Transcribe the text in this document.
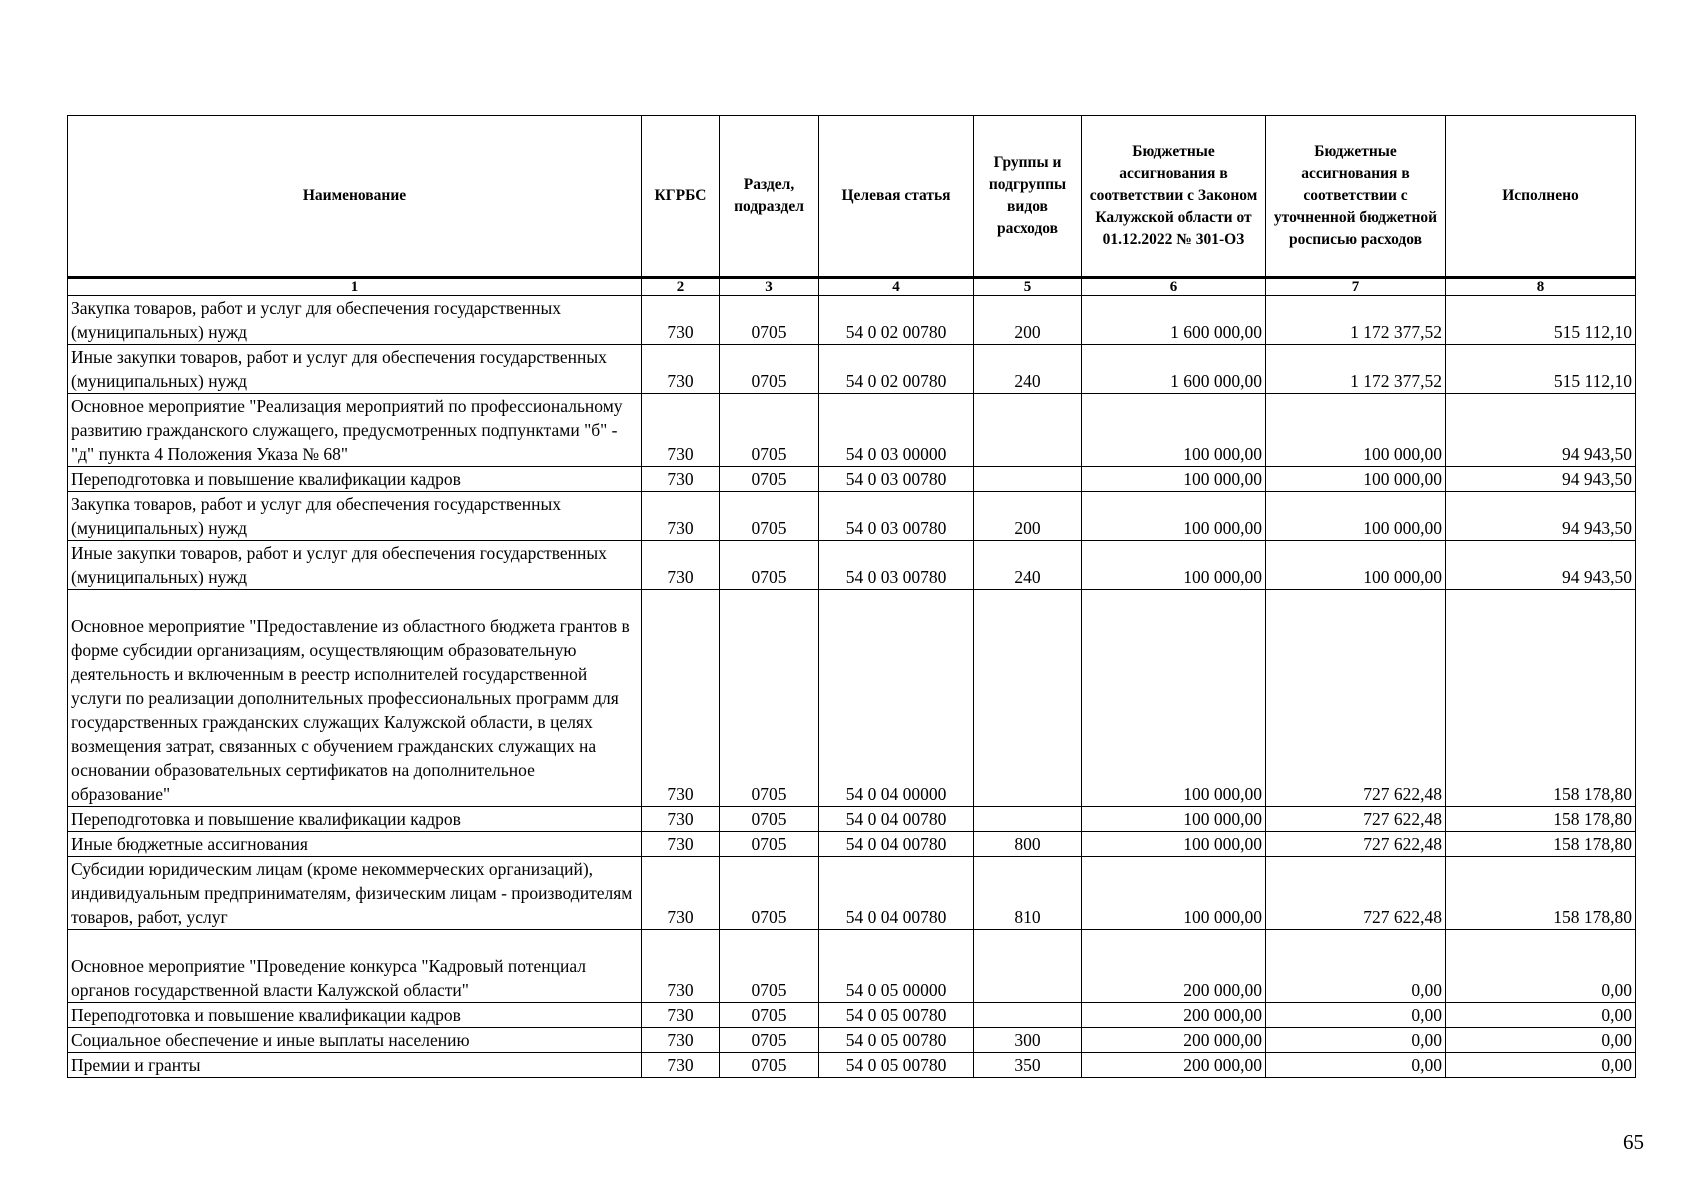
Наименование	КГРБС	Раздел, подраздел	Целевая статья	Группы и подгруппы видов расходов	Бюджетные ассигнования в соответствии с Законом Калужской области от 01.12.2022 № 301-ОЗ	Бюджетные ассигнования в соответствии с уточненной бюджетной росписью расходов	Исполнено
1	2	3	4	5	6	7	8
Закупка товаров, работ и услуг для обеспечения государственных (муниципальных) нужд	730	0705	54 0 02 00780	200	1 600 000,00	1 172 377,52	515 112,10
Иные закупки товаров, работ и услуг для обеспечения государственных (муниципальных) нужд	730	0705	54 0 02 00780	240	1 600 000,00	1 172 377,52	515 112,10
Основное мероприятие "Реализация мероприятий по профессиональному развитию гражданского служащего, предусмотренных подпунктами "б" - "д" пункта 4 Положения Указа № 68"	730	0705	54 0 03 00000		100 000,00	100 000,00	94 943,50
Переподготовка и повышение квалификации кадров	730	0705	54 0 03 00780		100 000,00	100 000,00	94 943,50
Закупка товаров, работ и услуг для обеспечения государственных (муниципальных) нужд	730	0705	54 0 03 00780	200	100 000,00	100 000,00	94 943,50
Иные закупки товаров, работ и услуг для обеспечения государственных (муниципальных) нужд	730	0705	54 0 03 00780	240	100 000,00	100 000,00	94 943,50
Основное мероприятие "Предоставление из областного бюджета грантов в форме субсидии организациям, осуществляющим образовательную деятельность и включенным в реестр исполнителей государственной услуги по реализации дополнительных профессиональных программ для государственных гражданских служащих Калужской области, в целях возмещения затрат, связанных с обучением гражданских служащих на основании образовательных сертификатов на дополнительное образование"	730	0705	54 0 04 00000		100 000,00	727 622,48	158 178,80
Переподготовка и повышение квалификации кадров	730	0705	54 0 04 00780		100 000,00	727 622,48	158 178,80
Иные бюджетные ассигнования	730	0705	54 0 04 00780	800	100 000,00	727 622,48	158 178,80
Субсидии юридическим лицам (кроме некоммерческих организаций), индивидуальным предпринимателям, физическим лицам - производителям товаров, работ, услуг	730	0705	54 0 04 00780	810	100 000,00	727 622,48	158 178,80
Основное мероприятие "Проведение конкурса "Кадровый потенциал органов государственной власти Калужской области"	730	0705	54 0 05 00000		200 000,00	0,00	0,00
Переподготовка и повышение квалификации кадров	730	0705	54 0 05 00780		200 000,00	0,00	0,00
Социальное обеспечение и иные выплаты населению	730	0705	54 0 05 00780	300	200 000,00	0,00	0,00
Премии и гранты	730	0705	54 0 05 00780	350	200 000,00	0,00	0,00
65
